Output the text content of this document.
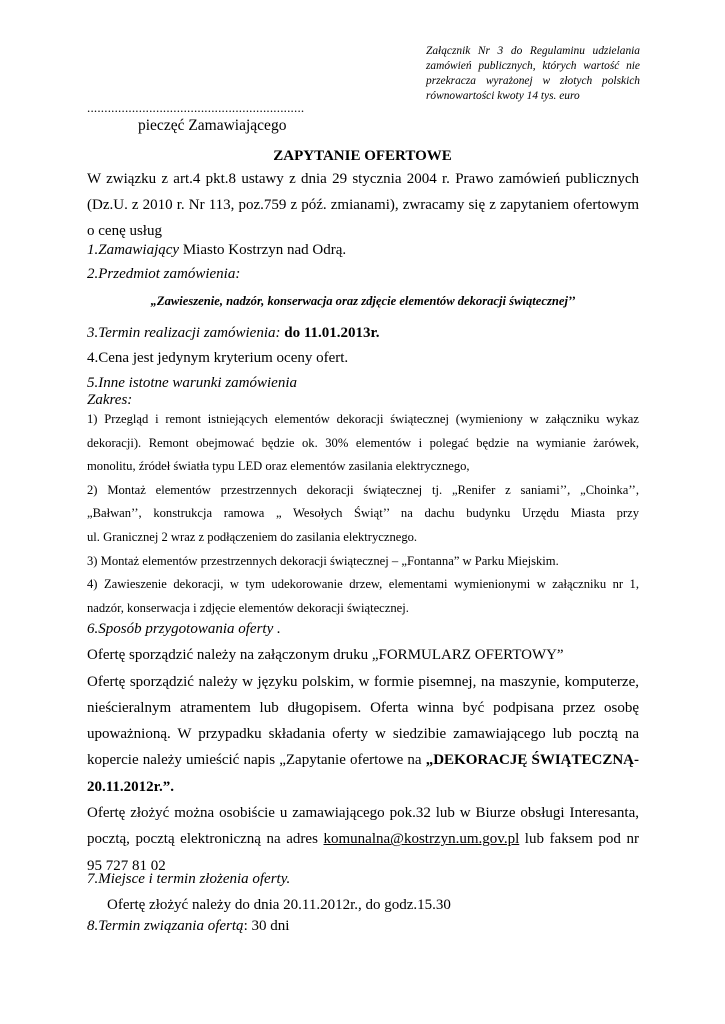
Załącznik Nr 3 do Regulaminu udzielania
zamówień publicznych, których wartość nie
przekracza wyrażonej w złotych polskich
równowartości kwoty 14 tys. euro
...............................................................
pieczęć Zamawiającego
ZAPYTANIE OFERTOWE
W związku z art.4 pkt.8 ustawy z dnia 29 stycznia 2004 r. Prawo zamówień publicznych
(Dz.U. z 2010 r. Nr 113, poz.759 z póź. zmianami), zwracamy się z zapytaniem ofertowym
o cenę usług
1.Zamawiający Miasto Kostrzyn nad Odrą.
2.Przedmiot zamówienia:
„Zawieszenie, nadzór, konserwacja oraz zdjęcie elementów dekoracji świątecznej’’
3.Termin realizacji zamówienia: do 11.01.2013r.
4.Cena jest jedynym kryterium oceny ofert.
5.Inne istotne warunki zamówienia
Zakres:
1) Przegląd i remont istniejących elementów dekoracji świątecznej (wymieniony w załączniku wykaz
dekoracji). Remont obejmować będzie ok. 30% elementów i polegać będzie na wymianie żarówek,
monolitu, źródeł światła typu LED oraz elementów zasilania elektrycznego,
2) Montaż elementów przestrzennych dekoracji świątecznej tj. „Renifer z saniami’’, „Choinka’’,
„Bałwan’’, konstrukcja ramowa „ Wesołych Świąt’’ na dachu budynku Urzędu Miasta przy
ul. Granicznej 2 wraz z podłączeniem do zasilania elektrycznego.
3) Montaż elementów przestrzennych dekoracji świątecznej – „Fontanna” w Parku Miejskim.
4) Zawieszenie dekoracji, w tym udekorowanie drzew, elementami wymienionymi w załączniku nr 1,
nadzór, konserwacja i zdjęcie elementów dekoracji świątecznej.
6.Sposób przygotowania oferty .
Ofertę sporządzić należy na załączonym druku „FORMULARZ OFERTOWY”
Ofertę sporządzić należy w języku polskim, w formie pisemnej, na maszynie, komputerze,
nieścieralnym atramentem lub długopisem. Oferta winna być podpisana przez osobę
upoważnioną. W przypadku składania oferty w siedzibie zamawiającego lub pocztą na
kopercie należy umieścić napis „Zapytanie ofertowe na „DEKORACJĘ ŚWIĄTECZNĄ-
20.11.2012r.”.
Ofertę złożyć można osobiście u zamawiającego pok.32 lub w Biurze obsługi Interesanta,
pocztą, pocztą elektroniczną na adres komunalna@kostrzyn.um.gov.pl lub faksem pod nr
95 727 81 02
7.Miejsce i termin złożenia oferty.
Ofertę złożyć należy do dnia 20.11.2012r., do godz.15.30
8.Termin związania ofertą: 30 dni
